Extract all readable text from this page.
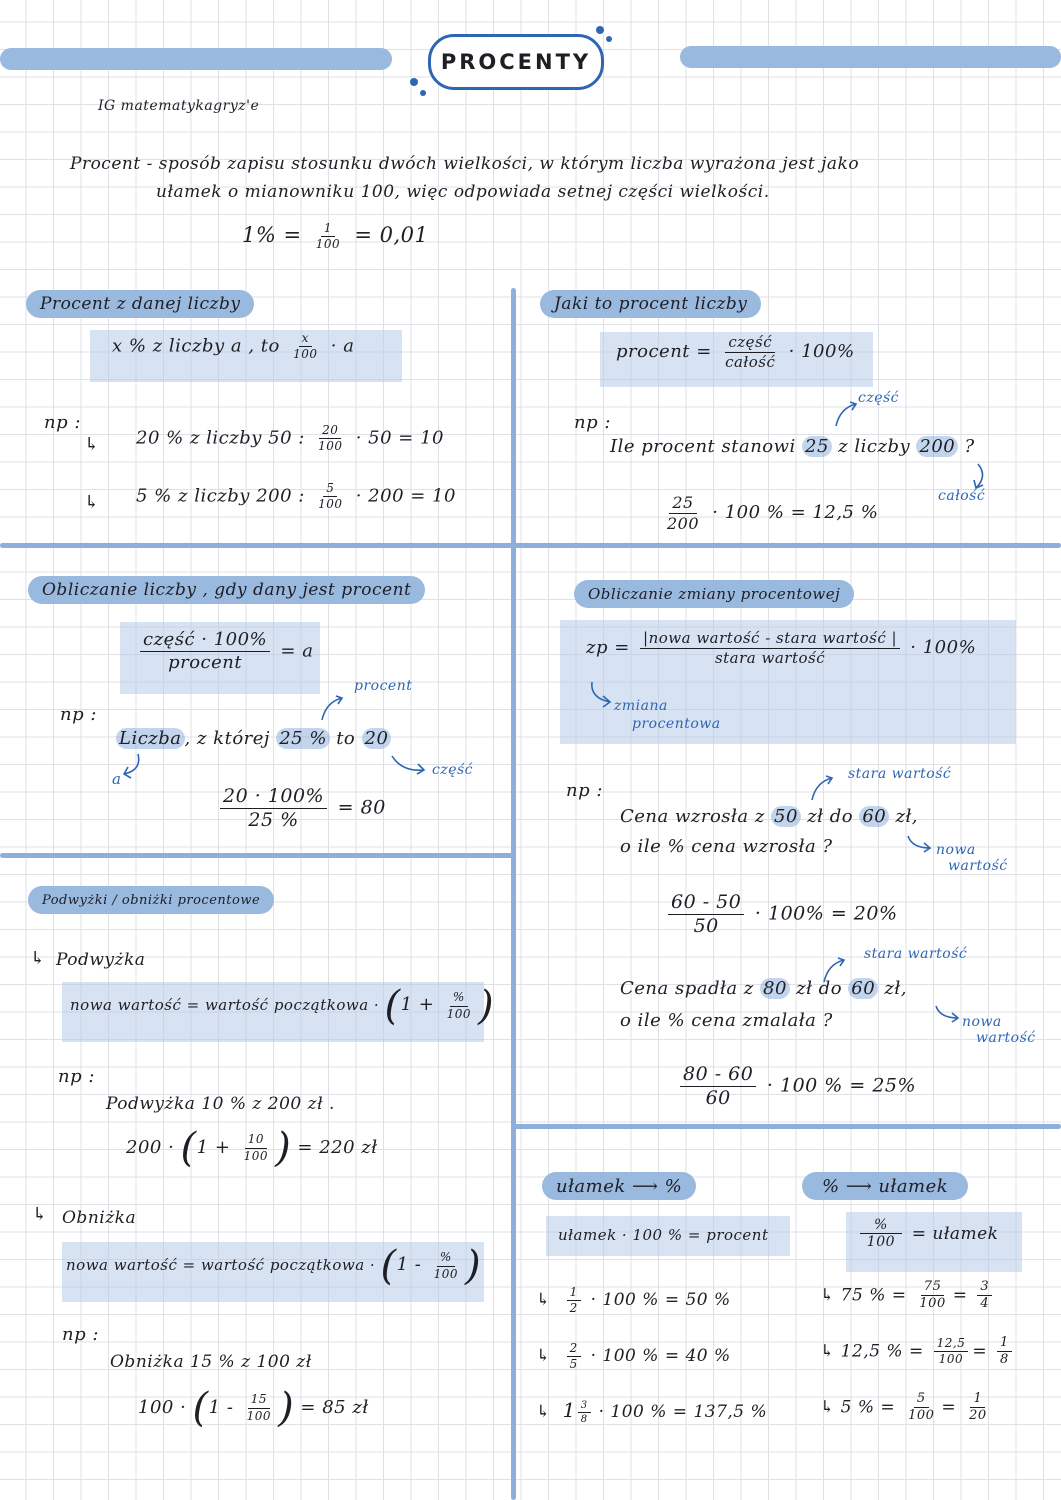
PROCENTY
IG matematykagryz'e
Procent - sposób zapisu stosunku dwóch wielkości, w którym liczba wyrażona jest jako
ułamek o mianowniku 100, więc odpowiada setnej części wielkości.
$1\% = \frac{1}{100} = 0,01$
Procent z danej liczby
x % z liczby a , to $\frac{x}{100} \cdot a$
np :
↳ 20 % z liczby 50 : $\frac{20}{100} \cdot 50 = 10$
↳ 5 % z liczby 200 : $\frac{5}{100} \cdot 200 = 10$
Jaki to procent liczby
procent = $\frac{\text{część}}{\text{całość}} \cdot 100\%$
część
np :
Ile procent stanowi 25 z liczby 200 ?
całość
$\frac{25}{200} \cdot 100$ % = 12,5 %
Obliczanie liczby , gdy dany jest procent
$\frac{\text{część · 100\%}}{\text{procent}} = a$
np :
procent
Liczba , z której 25 % to 20
część
a
$\frac{20 \cdot 100\%}{25 \%} = 80$
Obliczanie zmiany procentowej
zp = $\frac{\text{|nowa wartość - stara wartość |}}{\text{stara wartość}} \cdot 100\%$
zmiana
procentowa
np :
stara wartość
Cena wzrosła z 50 zł do 60 zł,
o ile % cena wzrosła ?	nowa
wartość
$\frac{60 - 50}{50} \cdot 100\% = 20\%$
stara wartość
Cena spadła z 80 zł do 60 zł,
o ile % cena zmalała ?	nowa
wartość
$\frac{80 - 60}{60} \cdot 100$ % = 25%
Podwyżki / obniżki procentowe
↳ Podwyżka
nowa wartość = wartość początkowa · ($1 + \frac{\%}{100}$ )
np :
Podwyżka 10 % z 200 zł .
$200 \cdot (1 + \frac{10}{100}$ ) = 220 zł
↳ Obniżka
nowa wartość = wartość początkowa · ($1 - \frac{\%}{100}$ )
np :
Obniżka 15 % z 100 zł
$100 \cdot (1 - \frac{15}{100}$ ) = 85 zł
ułamek
⟶
%	%
⟶
ułamek
ułamek · 100 % = procent	$\frac{\%}{100}$ = ułamek
↳ $\frac{1}{2} \cdot 100$ % = 50 %
↳ $\frac{2}{5} \cdot 100$ % = 40 %
↳ $1 \frac{3}{8} \cdot 100$ % = 137,5 %
↳ 75 % = $\frac{75}{100} = \frac{3}{4}$
↳ 12,5 % = $\frac{12,5}{100} = \frac{1}{8}$
↳ 5 % = $\frac{5}{100} = \frac{1}{20}$
